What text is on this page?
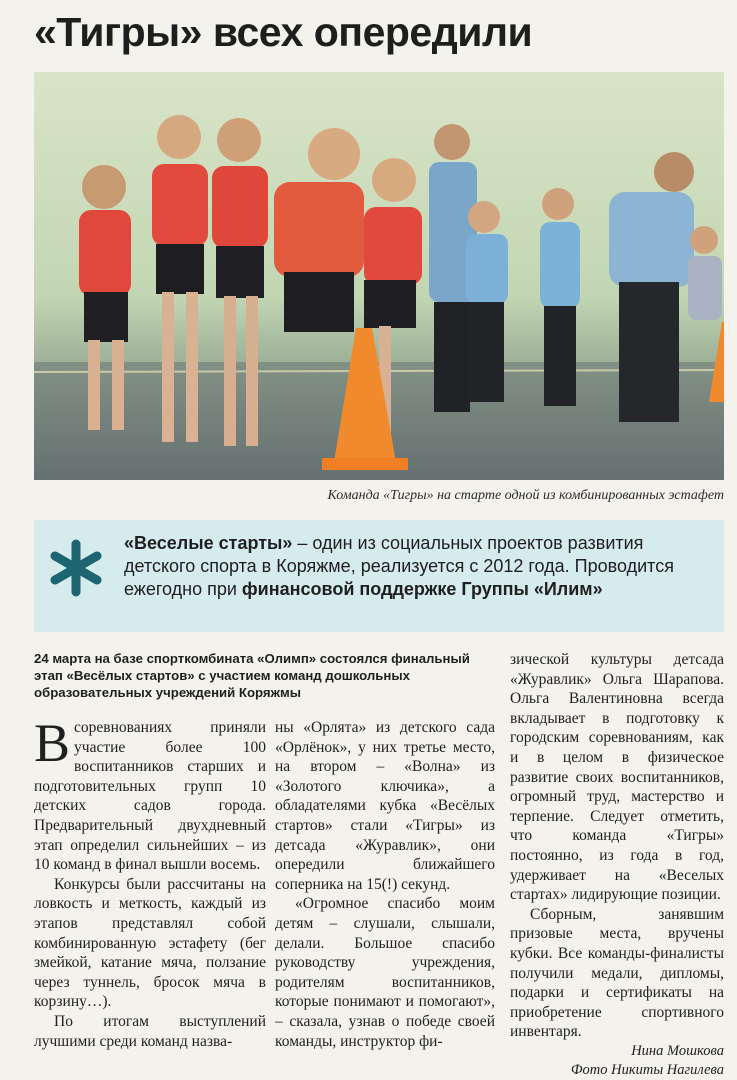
«Тигры» всех опередили
Команда «Тигры» на старте одной из комбинированных эстафет
«Веселые старты» – один из социальных проектов развития детского спорта в Коряжме, реализуется с 2012 года. Проводится ежегодно при финансовой поддержке Группы «Илим»
24 марта на базе спорткомбината «Олимп» состоялся финальный этап «Весёлых стартов» с участием команд дошкольных образовательных учреждений Коряжмы

Всоревнованиях приняли участие более 100 воспитанников старших и подготовительных групп 10 детских садов города. Предварительный двухдневный этап определил сильнейших – из 10 команд в финал вышли восемь.

Конкурсы были рассчитаны на ловкость и меткость, каждый из этапов представлял собой комбинированную эстафету (бег змейкой, катание мяча, ползание через туннель, бросок мяча в корзину…).

По итогам выступлений лучшими среди команд назва-

ны «Орлята» из детского сада «Орлёнок», у них третье место, на втором – «Волна» из «Золотого ключика», а обладателями кубка «Весёлых стартов» стали «Тигры» из детсада «Журавлик», они опередили ближайшего соперника на 15(!) секунд.

«Огромное спасибо моим детям – слушали, слышали, делали. Большое спасибо руководству учреждения, родителям воспитанников, которые понимают и помогают», – сказала, узнав о победе своей команды, инструктор фи-

зической культуры детсада «Журавлик» Ольга Шарапова. Ольга Валентиновна всегда вкладывает в подготовку к городским соревнованиям, как и в целом в физическое развитие своих воспитанников, огромный труд, мастерство и терпение. Следует отметить, что команда «Тигры» постоянно, из года в год, удерживает на «Веселых стартах» лидирующие позиции.

Сборным, занявшим призовые места, вручены кубки. Все команды-финалисты получили медали, дипломы, подарки и сертификаты на приобретение спортивного инвентаря.

Нина Мошкова
Фото Никиты Нагилева
